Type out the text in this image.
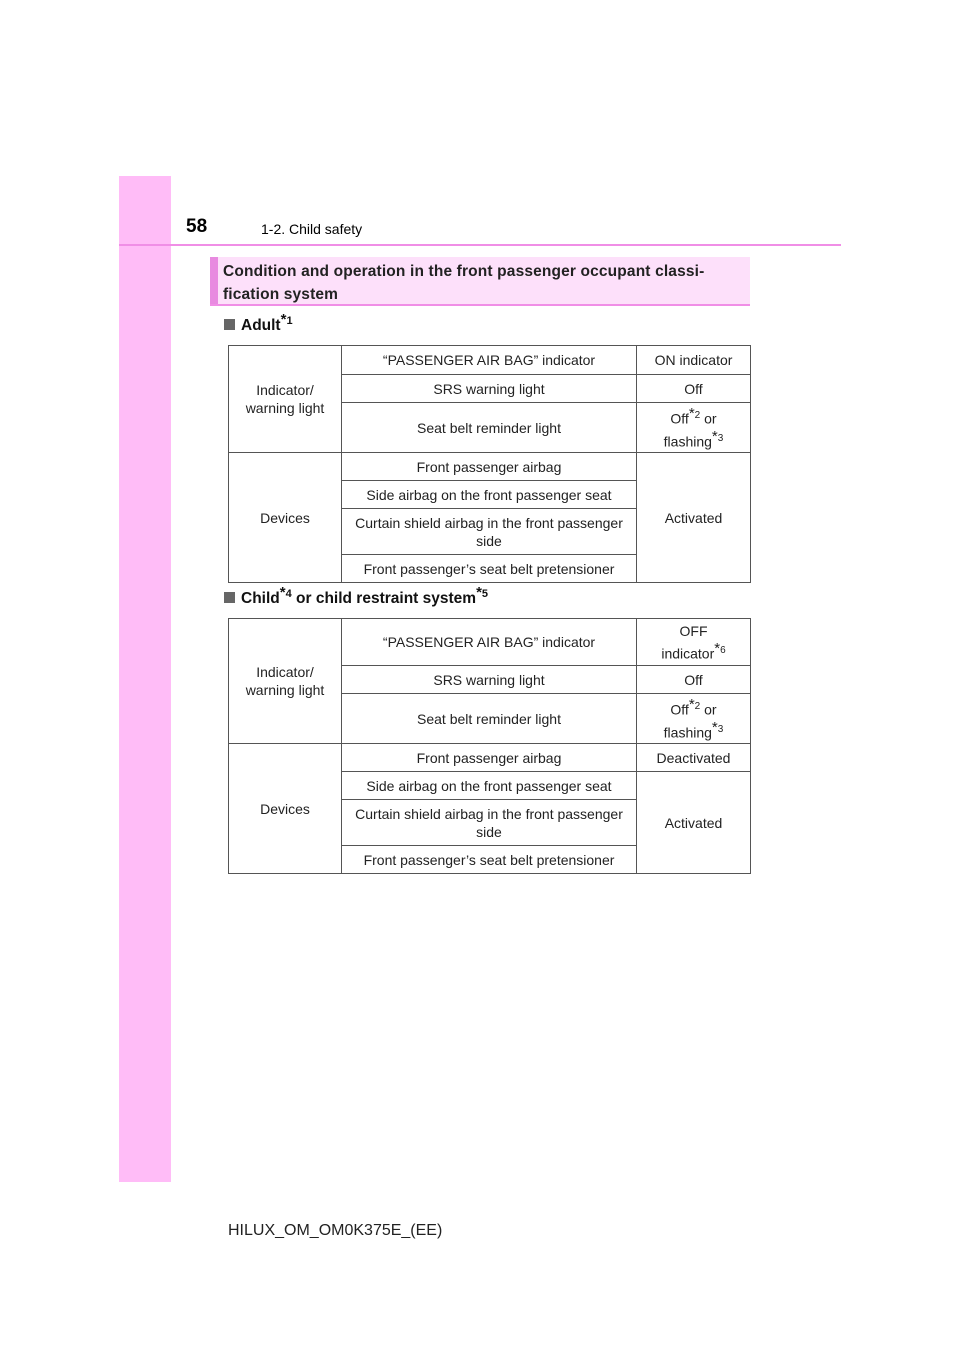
58	1-2. Child safety
Condition and operation in the front passenger occupant classi-fication system
Adult$^{*1}$
Indicator/ warning light	“PASSENGER AIR BAG” indicator	ON indicator
	SRS warning light	Off
	Seat belt reminder light	Off$^{*2}$ or
flashing$^{*3}$
Devices	Front passenger airbag	Activated
	Side airbag on the front passenger seat	
	Curtain shield airbag in the front passenger side	
	Front passenger’s seat belt pretensioner	
Child$^{*4}$ or child restraint system$^{*5}$
Indicator/ warning light	“PASSENGER AIR BAG” indicator	OFF
indicator$^{*6}$
	SRS warning light	Off
	Seat belt reminder light	Off$^{*2}$ or
flashing$^{*3}$
Devices	Front passenger airbag	Deactivated
	Side airbag on the front passenger seat	Activated
	Curtain shield airbag in the front passenger side	
	Front passenger’s seat belt pretensioner	
HILUX_OM_OM0K375E_(EE)
